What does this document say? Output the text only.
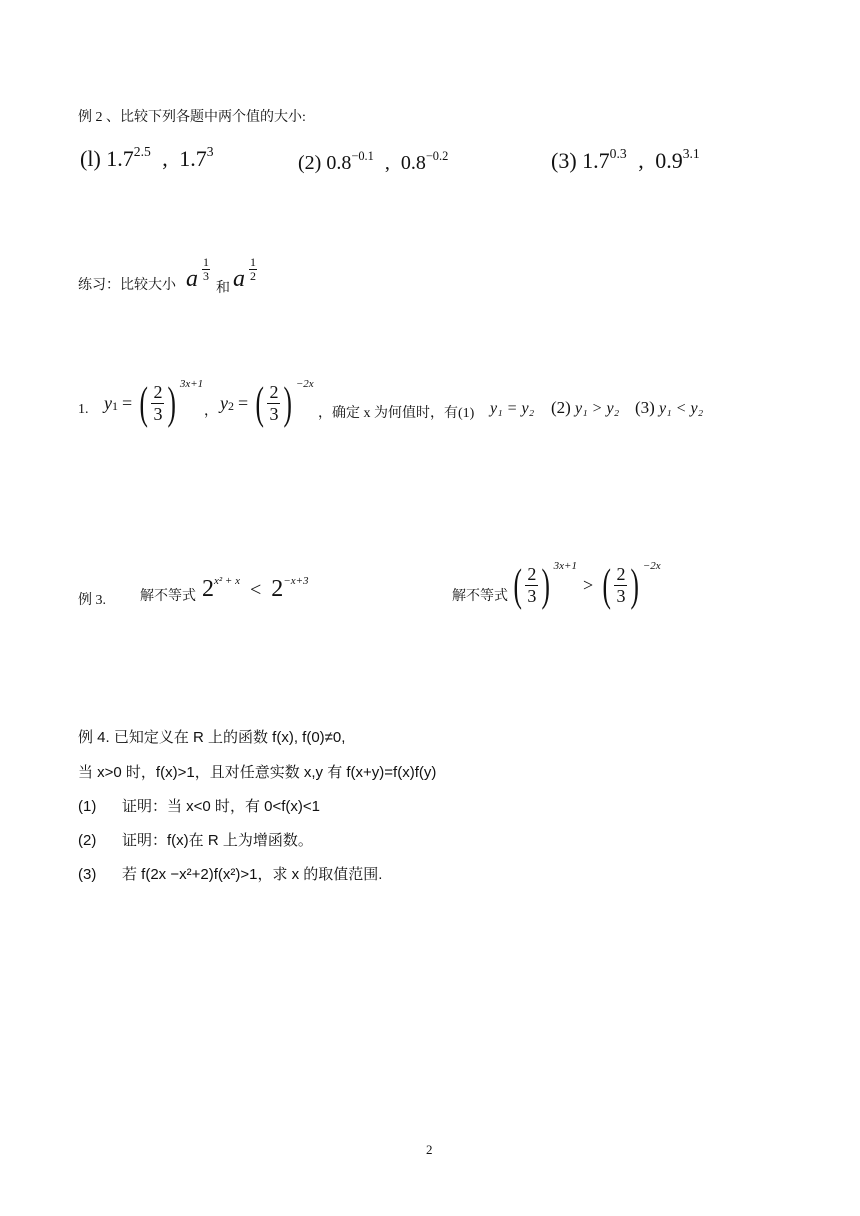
例 2 、比较下列各题中两个值的大小:
(l) $1.7^{2.5}$ , $1.7^3$
(2) $0.8^{-0.1}$ , $0.8^{-0.2}$	(3) $1.7^{0.3}$ , $0.9^{3.1}$
练习：比较大小 a $\frac{1}{3}$
和 a $\frac{1}{2}$
1. $y_1$ = ( $\frac{2}{3}$ ) 3x+1
， $y_2$ = ( $\frac{2}{3}$ ) −2x
，确定 x 为何值时，有(1) y₁ = y₂ (2) y₁ > y₂ (3) y₁ < y₂
例 3. 解不等式 2x² + x < 2−x+3
解不等式 ( $\frac{2}{3}$ ) 3x+1
> ( $\frac{2}{3}$ ) −2x
例 4. 已知定义在 R 上的函数 f(x), f(0)≠0,
当 x>0 时，f(x)>1，且对任意实数 x,y 有 f(x+y)=f(x)f(y)
(1) 证明：当 x<0 时，有 0<f(x)<1
(2) 证明：f(x)在 R 上为增函数。
(3) 若 f(2x −x²+2)f(x²)>1，求 x 的取值范围.
2
